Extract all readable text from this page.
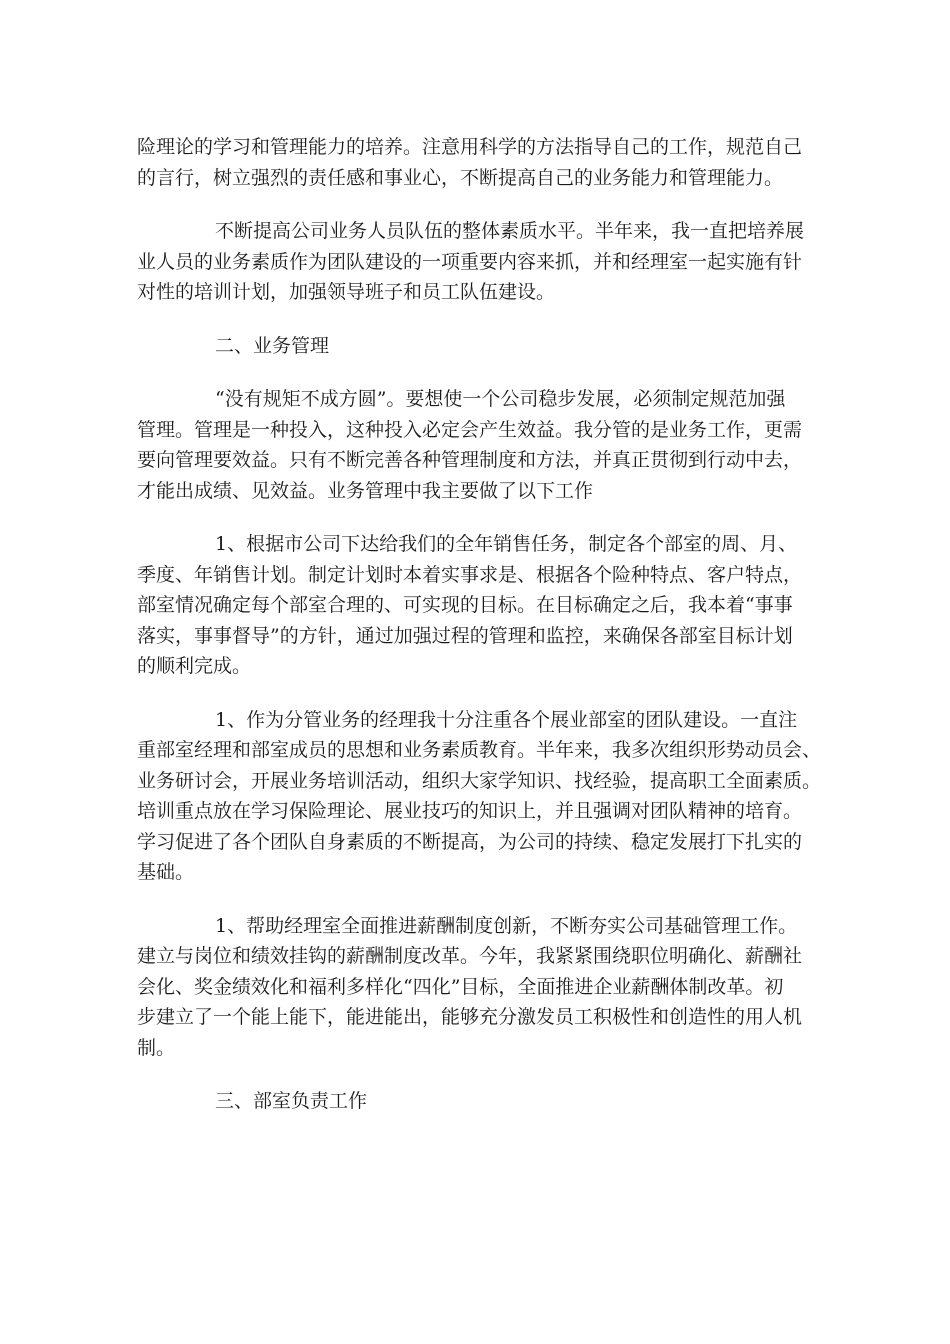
险理论的学习和管理能力的培养。注意用科学的方法指导自己的工作，规范自己
的言行，树立强烈的责任感和事业心，不断提高自己的业务能力和管理能力。

不断提高公司业务人员队伍的整体素质水平。半年来，我一直把培养展
业人员的业务素质作为团队建设的一项重要内容来抓，并和经理室一起实施有针
对性的培训计划，加强领导班子和员工队伍建设。

二、业务管理

“没有规矩不成方圆”。要想使一个公司稳步发展，必须制定规范加强
管理。管理是一种投入，这种投入必定会产生效益。我分管的是业务工作，更需
要向管理要效益。只有不断完善各种管理制度和方法，并真正贯彻到行动中去，
才能出成绩、见效益。业务管理中我主要做了以下工作

1、根据市公司下达给我们的全年销售任务，制定各个部室的周、月、
季度、年销售计划。制定计划时本着实事求是、根据各个险种特点、客户特点，
部室情况确定每个部室合理的、可实现的目标。在目标确定之后，我本着“事事
落实，事事督导”的方针，通过加强过程的管理和监控，来确保各部室目标计划
的顺利完成。

1、作为分管业务的经理我十分注重各个展业部室的团队建设。一直注
重部室经理和部室成员的思想和业务素质教育。半年来，我多次组织形势动员会、
业务研讨会，开展业务培训活动，组织大家学知识、找经验，提高职工全面素质。
培训重点放在学习保险理论、展业技巧的知识上，并且强调对团队精神的培育。
学习促进了各个团队自身素质的不断提高，为公司的持续、稳定发展打下扎实的
基础。

1、帮助经理室全面推进薪酬制度创新，不断夯实公司基础管理工作。
建立与岗位和绩效挂钩的薪酬制度改革。今年，我紧紧围绕职位明确化、薪酬社
会化、奖金绩效化和福利多样化“四化”目标，全面推进企业薪酬体制改革。初
步建立了一个能上能下，能进能出，能够充分激发员工积极性和创造性的用人机
制。

三、部室负责工作
